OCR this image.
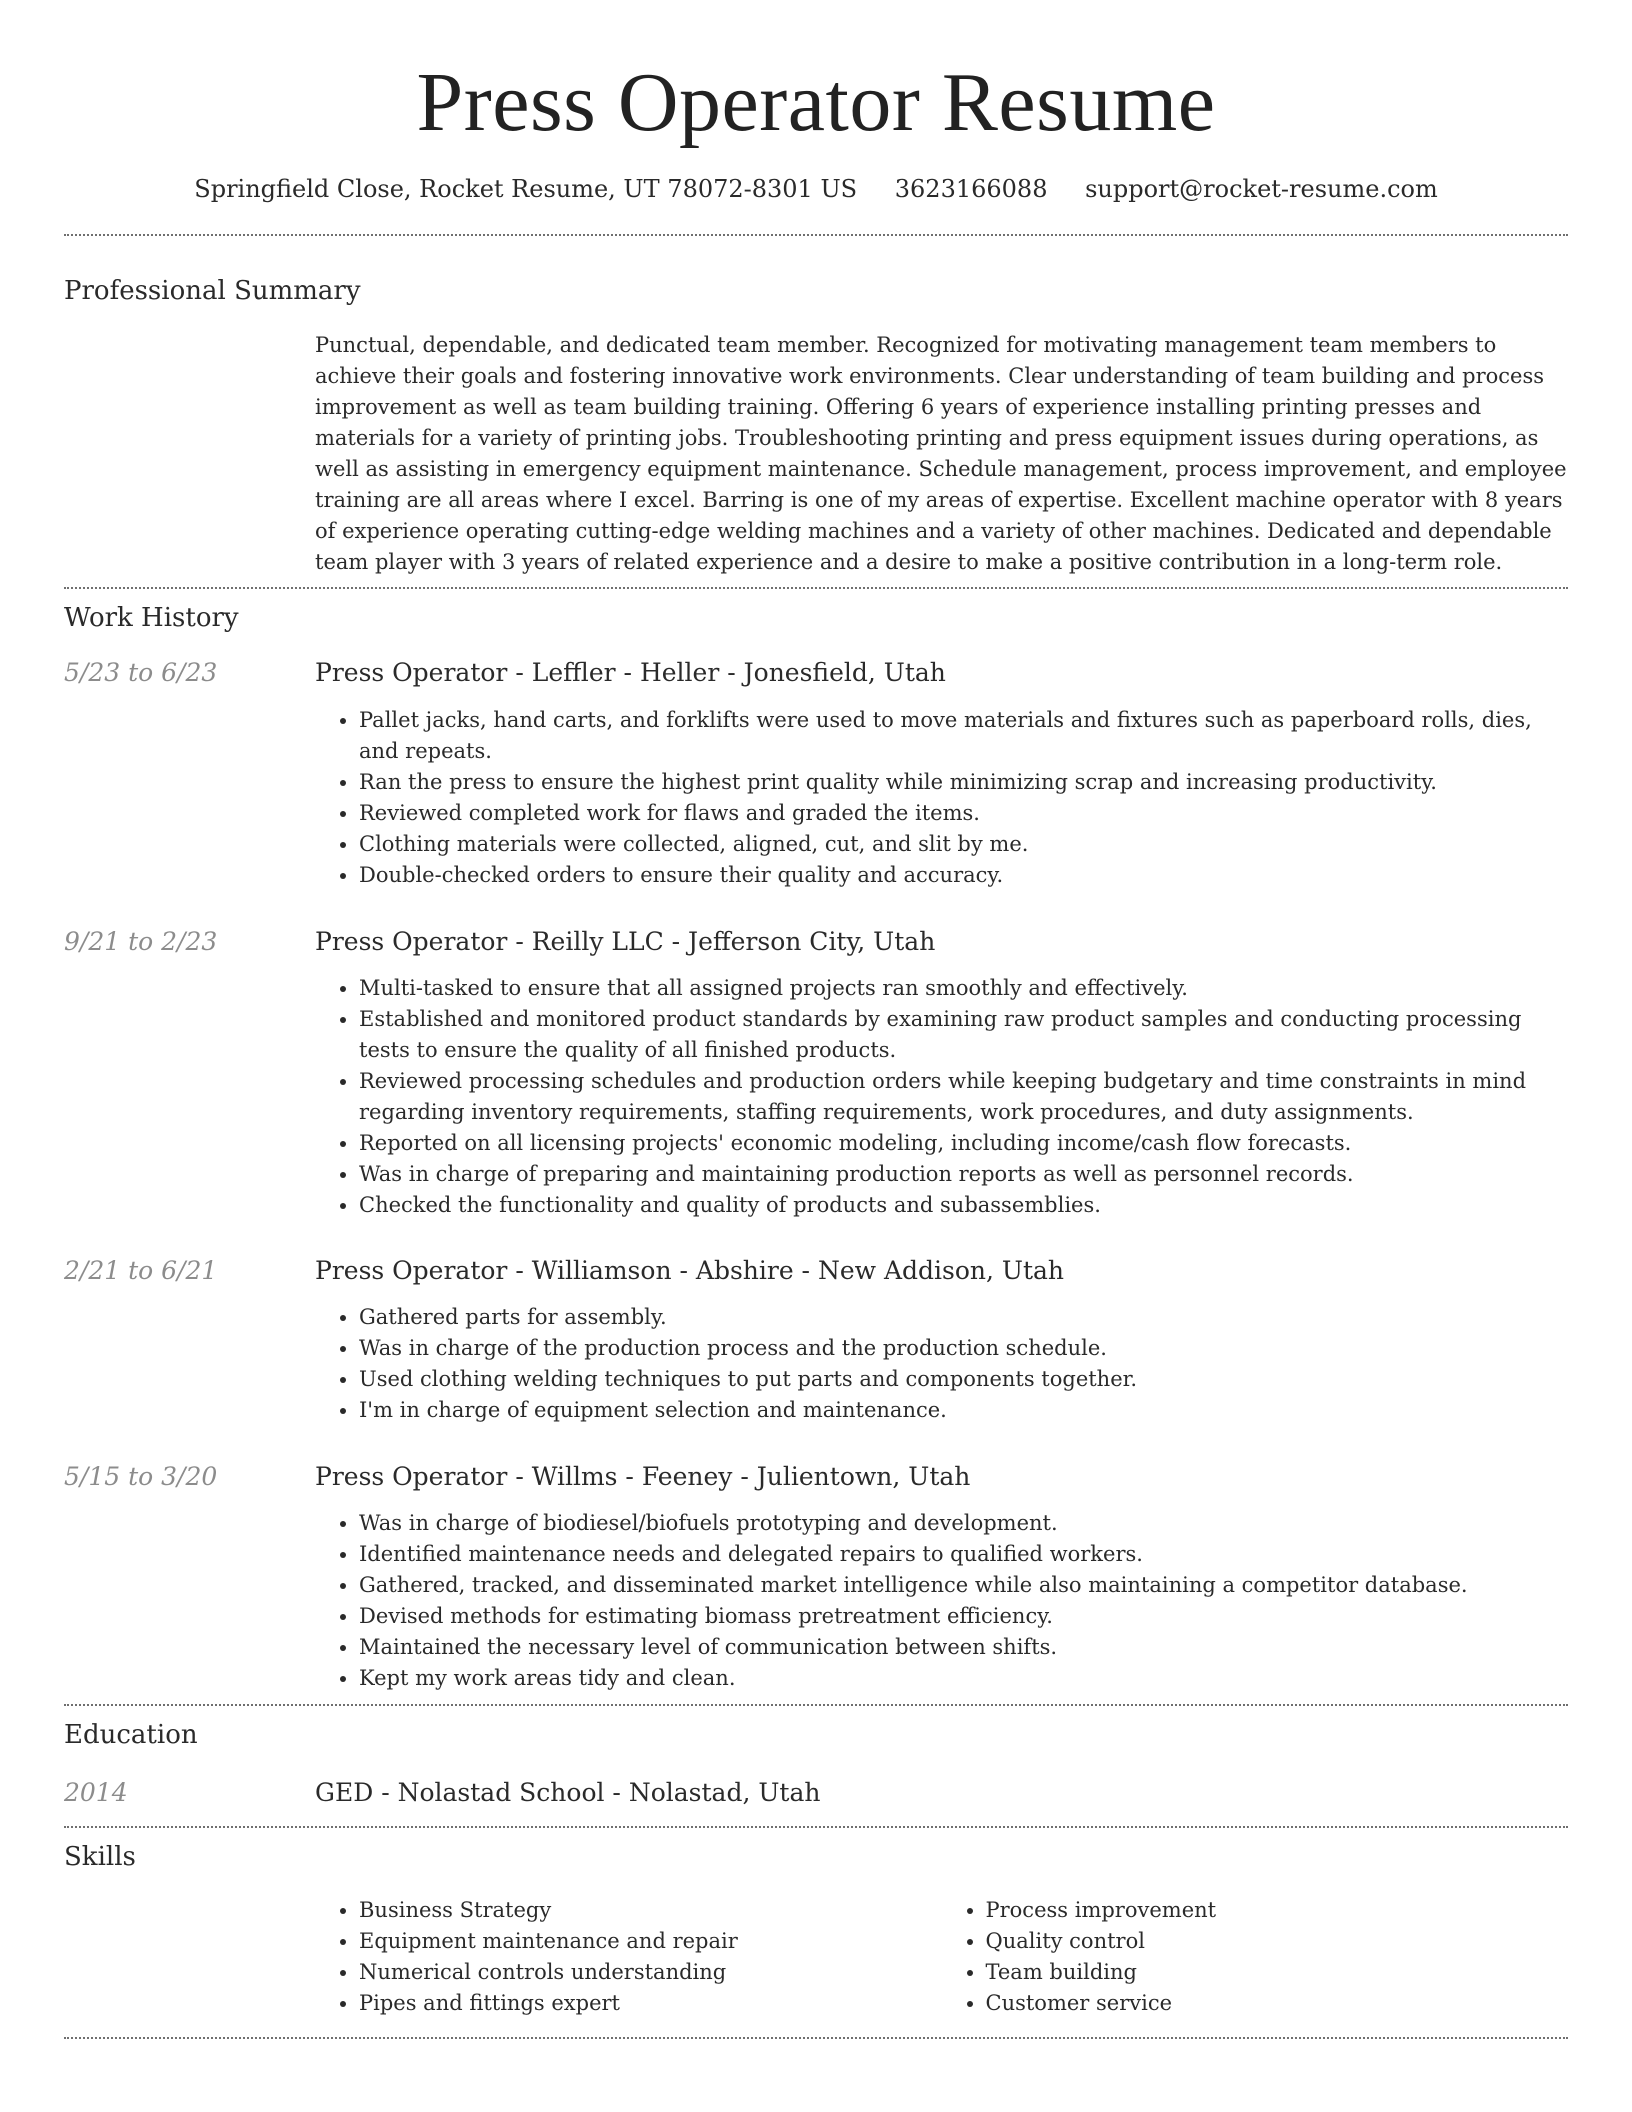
Press Operator Resume
Springfield Close, Rocket Resume, UT 78072-8301 US 3623166088 support@rocket-resume.com
Professional Summary
Punctual, dependable, and dedicated team member. Recognized for motivating management team members to achieve their goals and fostering innovative work environments. Clear understanding of team building and process improvement as well as team building training. Offering 6 years of experience installing printing presses and materials for a variety of printing jobs. Troubleshooting printing and press equipment issues during operations, as well as assisting in emergency equipment maintenance. Schedule management, process improvement, and employee training are all areas where I excel. Barring is one of my areas of expertise. Excellent machine operator with 8 years of experience operating cutting-edge welding machines and a variety of other machines. Dedicated and dependable team player with 3 years of related experience and a desire to make a positive contribution in a long-term role.
Work History
5/23 to 6/23	Press Operator - Leffler - Heller - Jonesfield, Utah
• Pallet jacks, hand carts, and forklifts were used to move materials and fixtures such as paperboard rolls, dies, and repeats.
• Ran the press to ensure the highest print quality while minimizing scrap and increasing productivity.
• Reviewed completed work for flaws and graded the items.
• Clothing materials were collected, aligned, cut, and slit by me.
• Double-checked orders to ensure their quality and accuracy.
9/21 to 2/23	Press Operator - Reilly LLC - Jefferson City, Utah
• Multi-tasked to ensure that all assigned projects ran smoothly and effectively.
• Established and monitored product standards by examining raw product samples and conducting processing tests to ensure the quality of all finished products.
• Reviewed processing schedules and production orders while keeping budgetary and time constraints in mind regarding inventory requirements, staffing requirements, work procedures, and duty assignments.
• Reported on all licensing projects' economic modeling, including income/cash flow forecasts.
• Was in charge of preparing and maintaining production reports as well as personnel records.
• Checked the functionality and quality of products and subassemblies.
2/21 to 6/21	Press Operator - Williamson - Abshire - New Addison, Utah
• Gathered parts for assembly.
• Was in charge of the production process and the production schedule.
• Used clothing welding techniques to put parts and components together.
• I'm in charge of equipment selection and maintenance.
5/15 to 3/20	Press Operator - Willms - Feeney - Julientown, Utah
• Was in charge of biodiesel/biofuels prototyping and development.
• Identified maintenance needs and delegated repairs to qualified workers.
• Gathered, tracked, and disseminated market intelligence while also maintaining a competitor database.
• Devised methods for estimating biomass pretreatment efficiency.
• Maintained the necessary level of communication between shifts.
• Kept my work areas tidy and clean.
Education
2014	GED - Nolastad School - Nolastad, Utah
Skills
• Business Strategy
• Equipment maintenance and repair
• Numerical controls understanding
• Pipes and fittings expert
• Process improvement
• Quality control
• Team building
• Customer service
